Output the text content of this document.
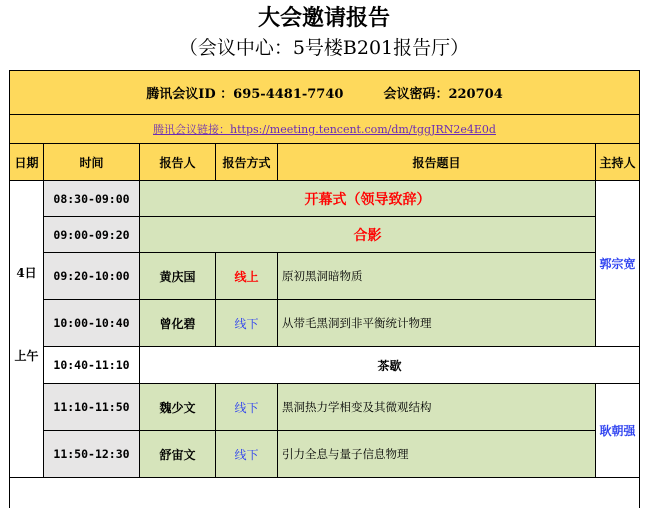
大会邀请报告
（会议中心：5号楼B201报告厅）
腾讯会议ID ：695-4481-7740 会议密码：220704					
腾讯会议链接：https://meeting.tencent.com/dm/tggJRN2e4E0d					
日期	时间	报告人	报告方式	报告题目	主持人

4日
上午	08:30-09:00	开幕式（领导致辞）			郭宗宽
	09:00-09:20	合影			
	09:20-10:00	黄庆国	线上	原初黑洞暗物质	
	10:00-10:40	曾化碧	线下	从带毛黑洞到非平衡统计物理	
	10:40-11:10	茶歇			
	11:10-11:50	魏少文	线下	黑洞热力学相变及其微观结构	耿朝强
	11:50-12:30	舒宙文	线下	引力全息与量子信息物理	
